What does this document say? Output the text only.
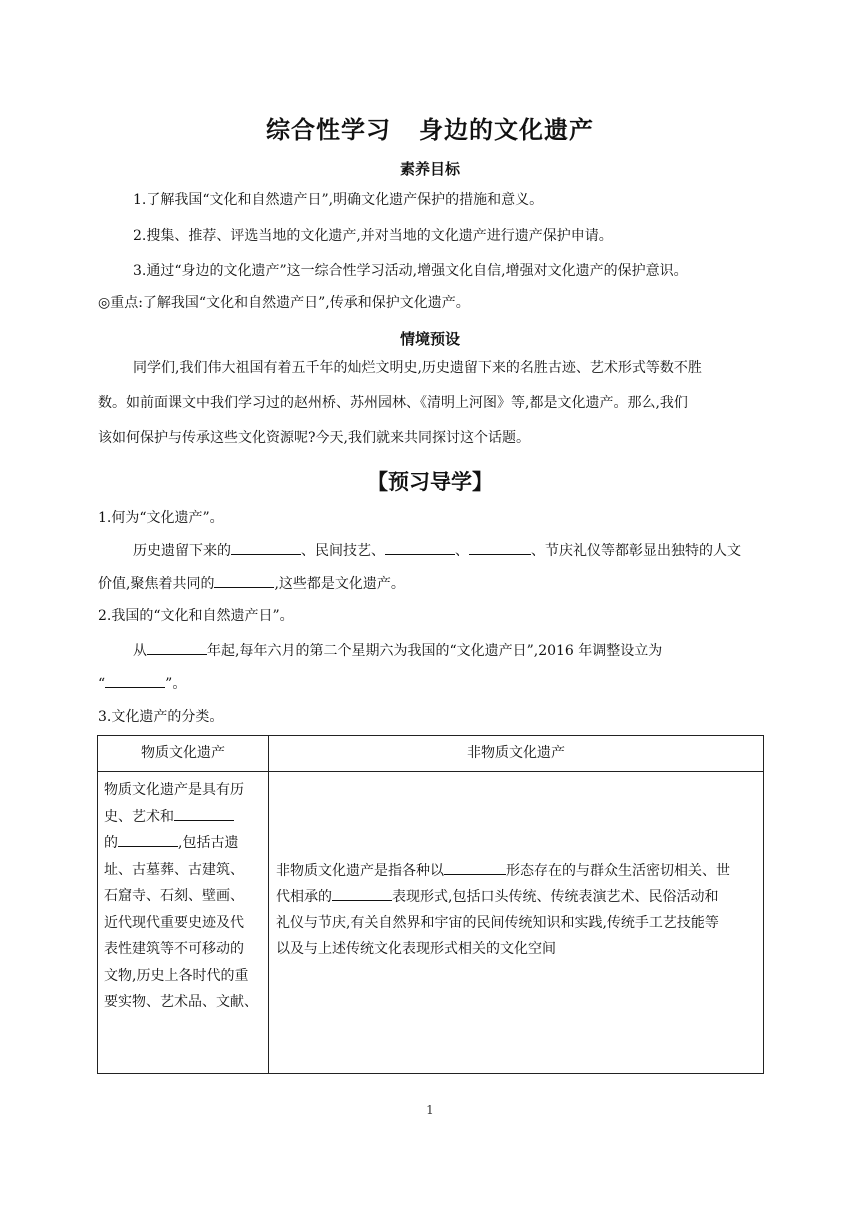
综合性学习 身边的文化遗产
素养目标

1.了解我国“文化和自然遗产日”,明确文化遗产保护的措施和意义。

2.搜集、推荐、评选当地的文化遗产,并对当地的文化遗产进行遗产保护申请。

3.通过“身边的文化遗产”这一综合性学习活动,增强文化自信,增强对文化遗产的保护意识。

◎重点:了解我国“文化和自然遗产日”,传承和保护文化遗产。

情境预设

同学们,我们伟大祖国有着五千年的灿烂文明史,历史遗留下来的名胜古迹、艺术形式等数不胜

数。如前面课文中我们学习过的赵州桥、苏州园林、《清明上河图》等,都是文化遗产。那么,我们

该如何保护与传承这些文化资源呢?今天,我们就来共同探讨这个话题。

【预习导学】

1.何为“文化遗产”。

历史遗留下来的	、民间技艺、	、	、节庆礼仪等都彰显出独特的人文

价值,聚焦着共同的	,这些都是文化遗产。

2.我国的“文化和自然遗产日”。

从	年起,每年六月的第二个星期六为我国的“文化遗产日”,2016 年调整设立为

“	”。

3.文化遗产的分类。

物质文化遗产	非物质文化遗产
物质文化遗产是具有历
史、艺术和
的	,包括古遗
址、古墓葬、古建筑、
石窟寺、石刻、壁画、
近代现代重要史迹及代
表性建筑等不可移动的
文物,历史上各时代的重
要实物、艺术品、文献、
非物质文化遗产是指各种以	形态存在的与群众生活密切相关、世
代相承的	表现形式,包括口头传统、传统表演艺术、民俗活动和
礼仪与节庆,有关自然界和宇宙的民间传统知识和实践,传统手工艺技能等
以及与上述传统文化表现形式相关的文化空间

1
